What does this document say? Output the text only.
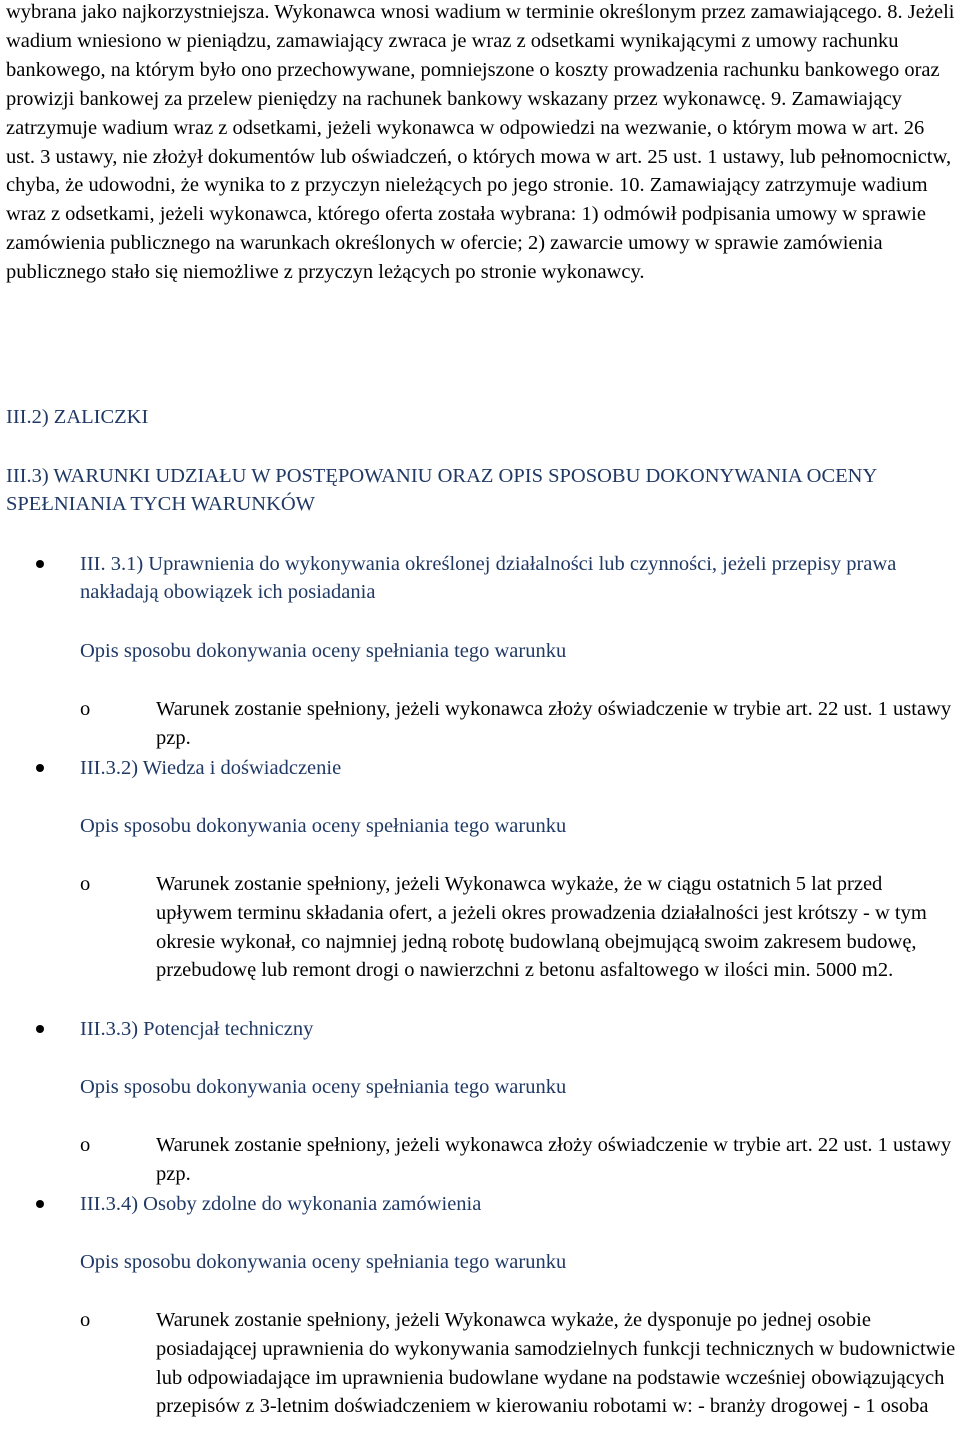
wybrana jako najkorzystniejsza. Wykonawca wnosi wadium w terminie określonym przez zamawiającego. 8. Jeżeli wadium wniesiono w pieniądzu, zamawiający zwraca je wraz z odsetkami wynikającymi z umowy rachunku bankowego, na którym było ono przechowywane, pomniejszone o koszty prowadzenia rachunku bankowego oraz prowizji bankowej za przelew pieniędzy na rachunek bankowy wskazany przez wykonawcę. 9. Zamawiający zatrzymuje wadium wraz z odsetkami, jeżeli wykonawca w odpowiedzi na wezwanie, o którym mowa w art. 26 ust. 3 ustawy, nie złożył dokumentów lub oświadczeń, o których mowa w art. 25 ust. 1 ustawy, lub pełnomocnictw, chyba, że udowodni, że wynika to z przyczyn nieleżących po jego stronie. 10. Zamawiający zatrzymuje wadium wraz z odsetkami, jeżeli wykonawca, którego oferta została wybrana: 1) odmówił podpisania umowy w sprawie zamówienia publicznego na warunkach określonych w ofercie; 2) zawarcie umowy w sprawie zamówienia publicznego stało się niemożliwe z przyczyn leżących po stronie wykonawcy.
III.2) ZALICZKI
III.3) WARUNKI UDZIAŁU W POSTĘPOWANIU ORAZ OPIS SPOSOBU DOKONYWANIA OCENY SPEŁNIANIA TYCH WARUNKÓW
III. 3.1) Uprawnienia do wykonywania określonej działalności lub czynności, jeżeli przepisy prawa nakładają obowiązek ich posiadania
Opis sposobu dokonywania oceny spełniania tego warunku
o	Warunek zostanie spełniony, jeżeli wykonawca złoży oświadczenie w trybie art. 22 ust. 1 ustawy pzp.
III.3.2) Wiedza i doświadczenie
Opis sposobu dokonywania oceny spełniania tego warunku
o	Warunek zostanie spełniony, jeżeli Wykonawca wykaże, że w ciągu ostatnich 5 lat przed upływem terminu składania ofert, a jeżeli okres prowadzenia działalności jest krótszy - w tym okresie wykonał, co najmniej jedną robotę budowlaną obejmującą swoim zakresem budowę, przebudowę lub remont drogi o nawierzchni z betonu asfaltowego w ilości min. 5000 m2.
III.3.3) Potencjał techniczny
Opis sposobu dokonywania oceny spełniania tego warunku
o	Warunek zostanie spełniony, jeżeli wykonawca złoży oświadczenie w trybie art. 22 ust. 1 ustawy pzp.
III.3.4) Osoby zdolne do wykonania zamówienia
Opis sposobu dokonywania oceny spełniania tego warunku
o	Warunek zostanie spełniony, jeżeli Wykonawca wykaże, że dysponuje po jednej osobie posiadającej uprawnienia do wykonywania samodzielnych funkcji technicznych w budownictwie lub odpowiadające im uprawnienia budowlane wydane na podstawie wcześniej obowiązujących przepisów z 3-letnim doświadczeniem w kierowaniu robotami w: - branży drogowej - 1 osoba
